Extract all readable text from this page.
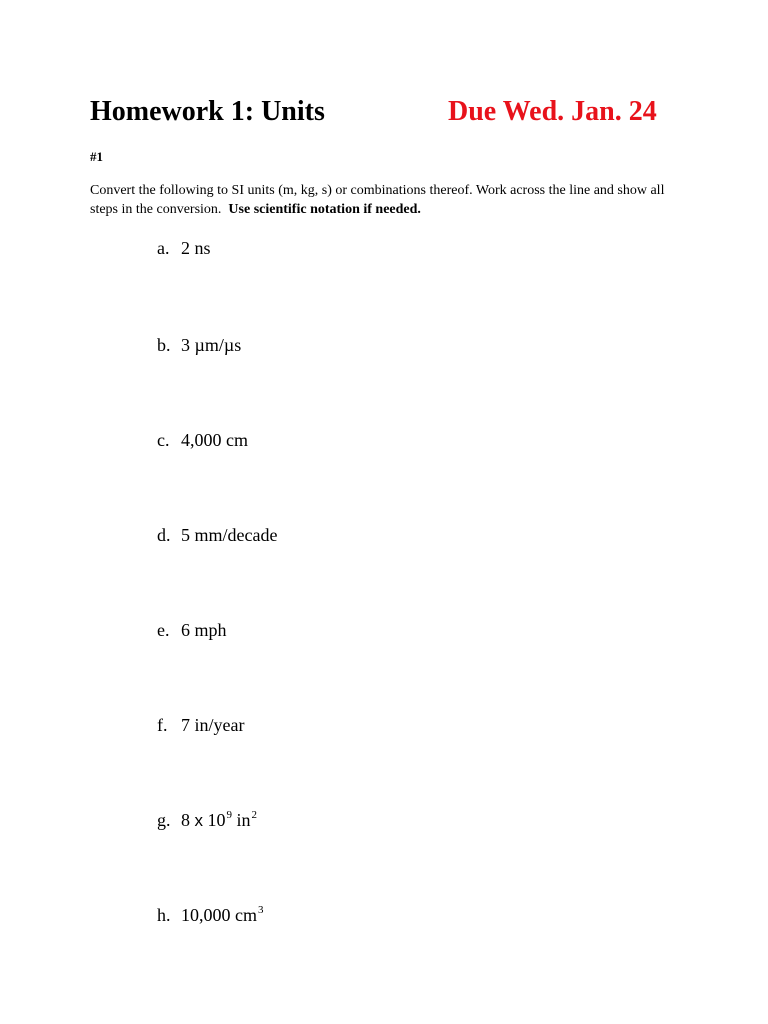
Homework 1: Units	Due Wed. Jan. 24
#1
Convert the following to SI units (m, kg, s) or combinations thereof. Work across the line and show all steps in the conversion. Use scientific notation if needed.
a. 2 ns
b. 3 µm/µs
c. 4,000 cm
d. 5 mm/decade
e. 6 mph
f. 7 in/year
g. 8 x $10^9$ $in^2$
h. 10,000 $cm^3$
